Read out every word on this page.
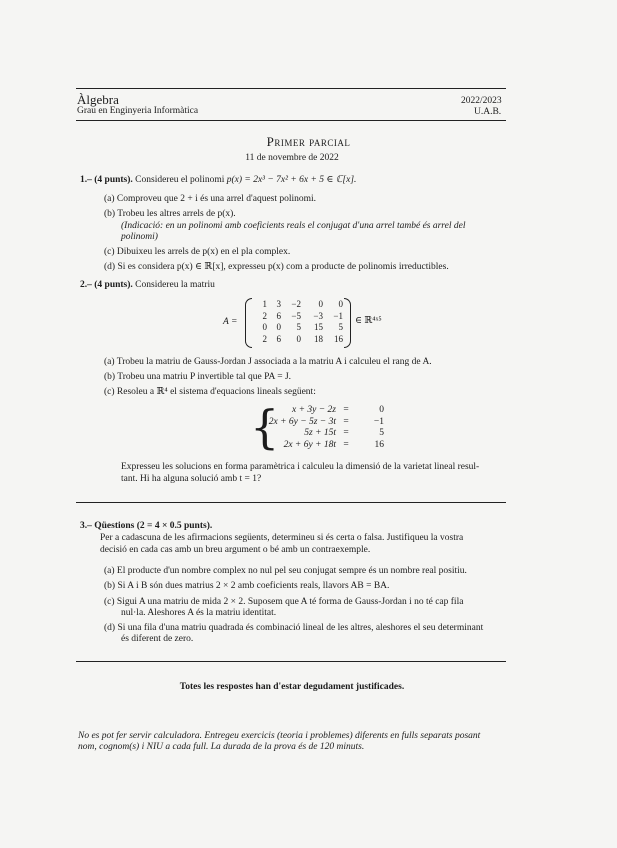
Àlgebra
Grau en Enginyeria Informàtica
2022/2023
U.A.B.
Primer parcial
11 de novembre de 2022
1.– (4 punts). Considereu el polinomi p(x) = 2x³ − 7x² + 6x + 5 ∈ ℂ[x].
(a) Comproveu que 2 + i és una arrel d'aquest polinomi.
(b) Trobeu les altres arrels de p(x).
(Indicació: en un polinomi amb coeficients reals el conjugat d'una arrel també és arrel del
polinomi)
(c) Dibuixeu les arrels de p(x) en el pla complex.
(d) Si es considera p(x) ∈ ℝ[x], expresseu p(x) com a producte de polinomis irreductibles.
2.– (4 punts). Considereu la matriu
A =
1	3	−2	0	0
2	6	−5	−3	−1
0	0	5	15	5
2	6	0	18	16
∈ ℝ⁴ˣ⁵
(a) Trobeu la matriu de Gauss-Jordan J associada a la matriu A i calculeu el rang de A.
(b) Trobeu una matriu P invertible tal que PA = J.
(c) Resoleu a ℝ⁴ el sistema d'equacions lineals següent:
{	x + 3y − 2z =	0
2x + 6y − 5z − 3t =	−1
5z + 15t =	5
2x + 6y + 18t =	16
Expresseu les solucions en forma paramètrica i calculeu la dimensió de la varietat lineal resul-
tant. Hi ha alguna solució amb t = 1?
3.– Qüestions (2 = 4 × 0.5 punts).
Per a cadascuna de les afirmacions següents, determineu si és certa o falsa. Justifiqueu la vostra
decisió en cada cas amb un breu argument o bé amb un contraexemple.
(a) El producte d'un nombre complex no nul pel seu conjugat sempre és un nombre real positiu.
(b) Si A i B són dues matrius 2 × 2 amb coeficients reals, llavors AB = BA.
(c) Sigui A una matriu de mida 2 × 2. Suposem que A té forma de Gauss-Jordan i no té cap fila
nul·la. Aleshores A és la matriu identitat.
(d) Si una fila d'una matriu quadrada és combinació lineal de les altres, aleshores el seu determinant
és diferent de zero.
Totes les respostes han d'estar degudament justificades.
No es pot fer servir calculadora. Entregeu exercicis (teoria i problemes) diferents en fulls separats posant
nom, cognom(s) i NIU a cada full. La durada de la prova és de 120 minuts.
